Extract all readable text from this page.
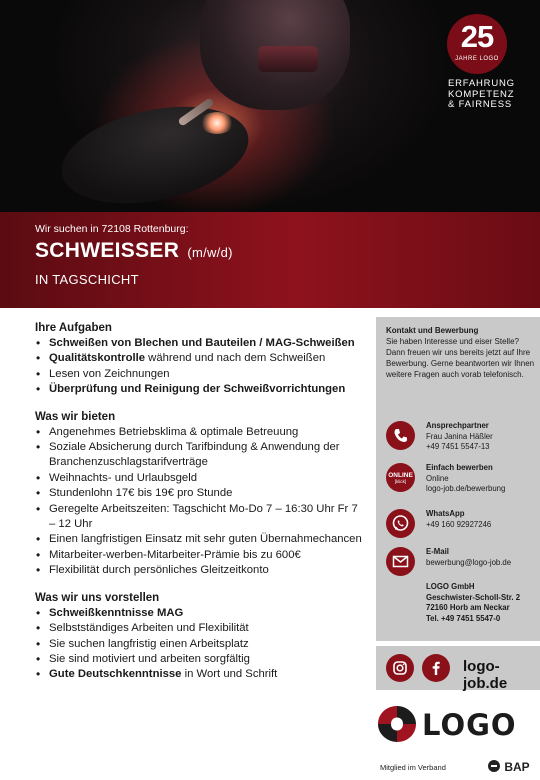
25
JAHRE LOGO
ERFAHRUNG
KOMPETENZ
& FAIRNESS
Wir suchen in 72108 Rottenburg:
SCHWEISSER (m/w/d)
IN TAGSCHICHT
Ihre Aufgaben
• Schweißen von Blechen und Bauteilen / MAG-Schweißen
• Qualitätskontrolle während und nach dem Schweißen
• Lesen von Zeichnungen
• Überprüfung und Reinigung der Schweißvorrichtungen
Was wir bieten
• Angenehmes Betriebsklima & optimale Betreuung
• Soziale Absicherung durch Tarifbindung & Anwendung der Branchenzuschlagstarifverträge
• Weihnachts- und Urlaubsgeld
• Stundenlohn 17€ bis 19€ pro Stunde
• Geregelte Arbeitszeiten: Tagschicht Mo-Do 7 – 16:30 Uhr Fr 7 – 12 Uhr
• Einen langfristigen Einsatz mit sehr guten Übernahmechancen
• Mitarbeiter-werben-Mitarbeiter-Prämie bis zu 600€
• Flexibilität durch persönliches Gleitzeitkonto
Was wir uns vorstellen
• Schweißkenntnisse MAG
• Selbstständiges Arbeiten und Flexibilität
• Sie suchen langfristig einen Arbeitsplatz
• Sie sind motiviert und arbeiten sorgfältig
• Gute Deutschkenntnisse in Wort und Schrift
Kontakt und Bewerbung
Sie haben Interesse und eiser Stelle? Dann freuen wir uns bereits jetzt auf Ihre Bewerbung. Gerne beantworten wir Ihnen weitere Fragen auch vorab telefonisch.
Ansprechpartner
Frau Janina Häßler
+49 7451 5547-13
ONLINE
[klick]
Einfach bewerben
Online
logo-job.de/bewerbung
WhatsApp
+49 160 92927246
E-Mail
bewerbung@logo-job.de
LOGO GmbH
Geschwister-Scholl-Str. 2
72160 Horb am Neckar
Tel. +49 7451 5547-0
logo-job.de
LOGO
Mitglied im Verband	BAP
